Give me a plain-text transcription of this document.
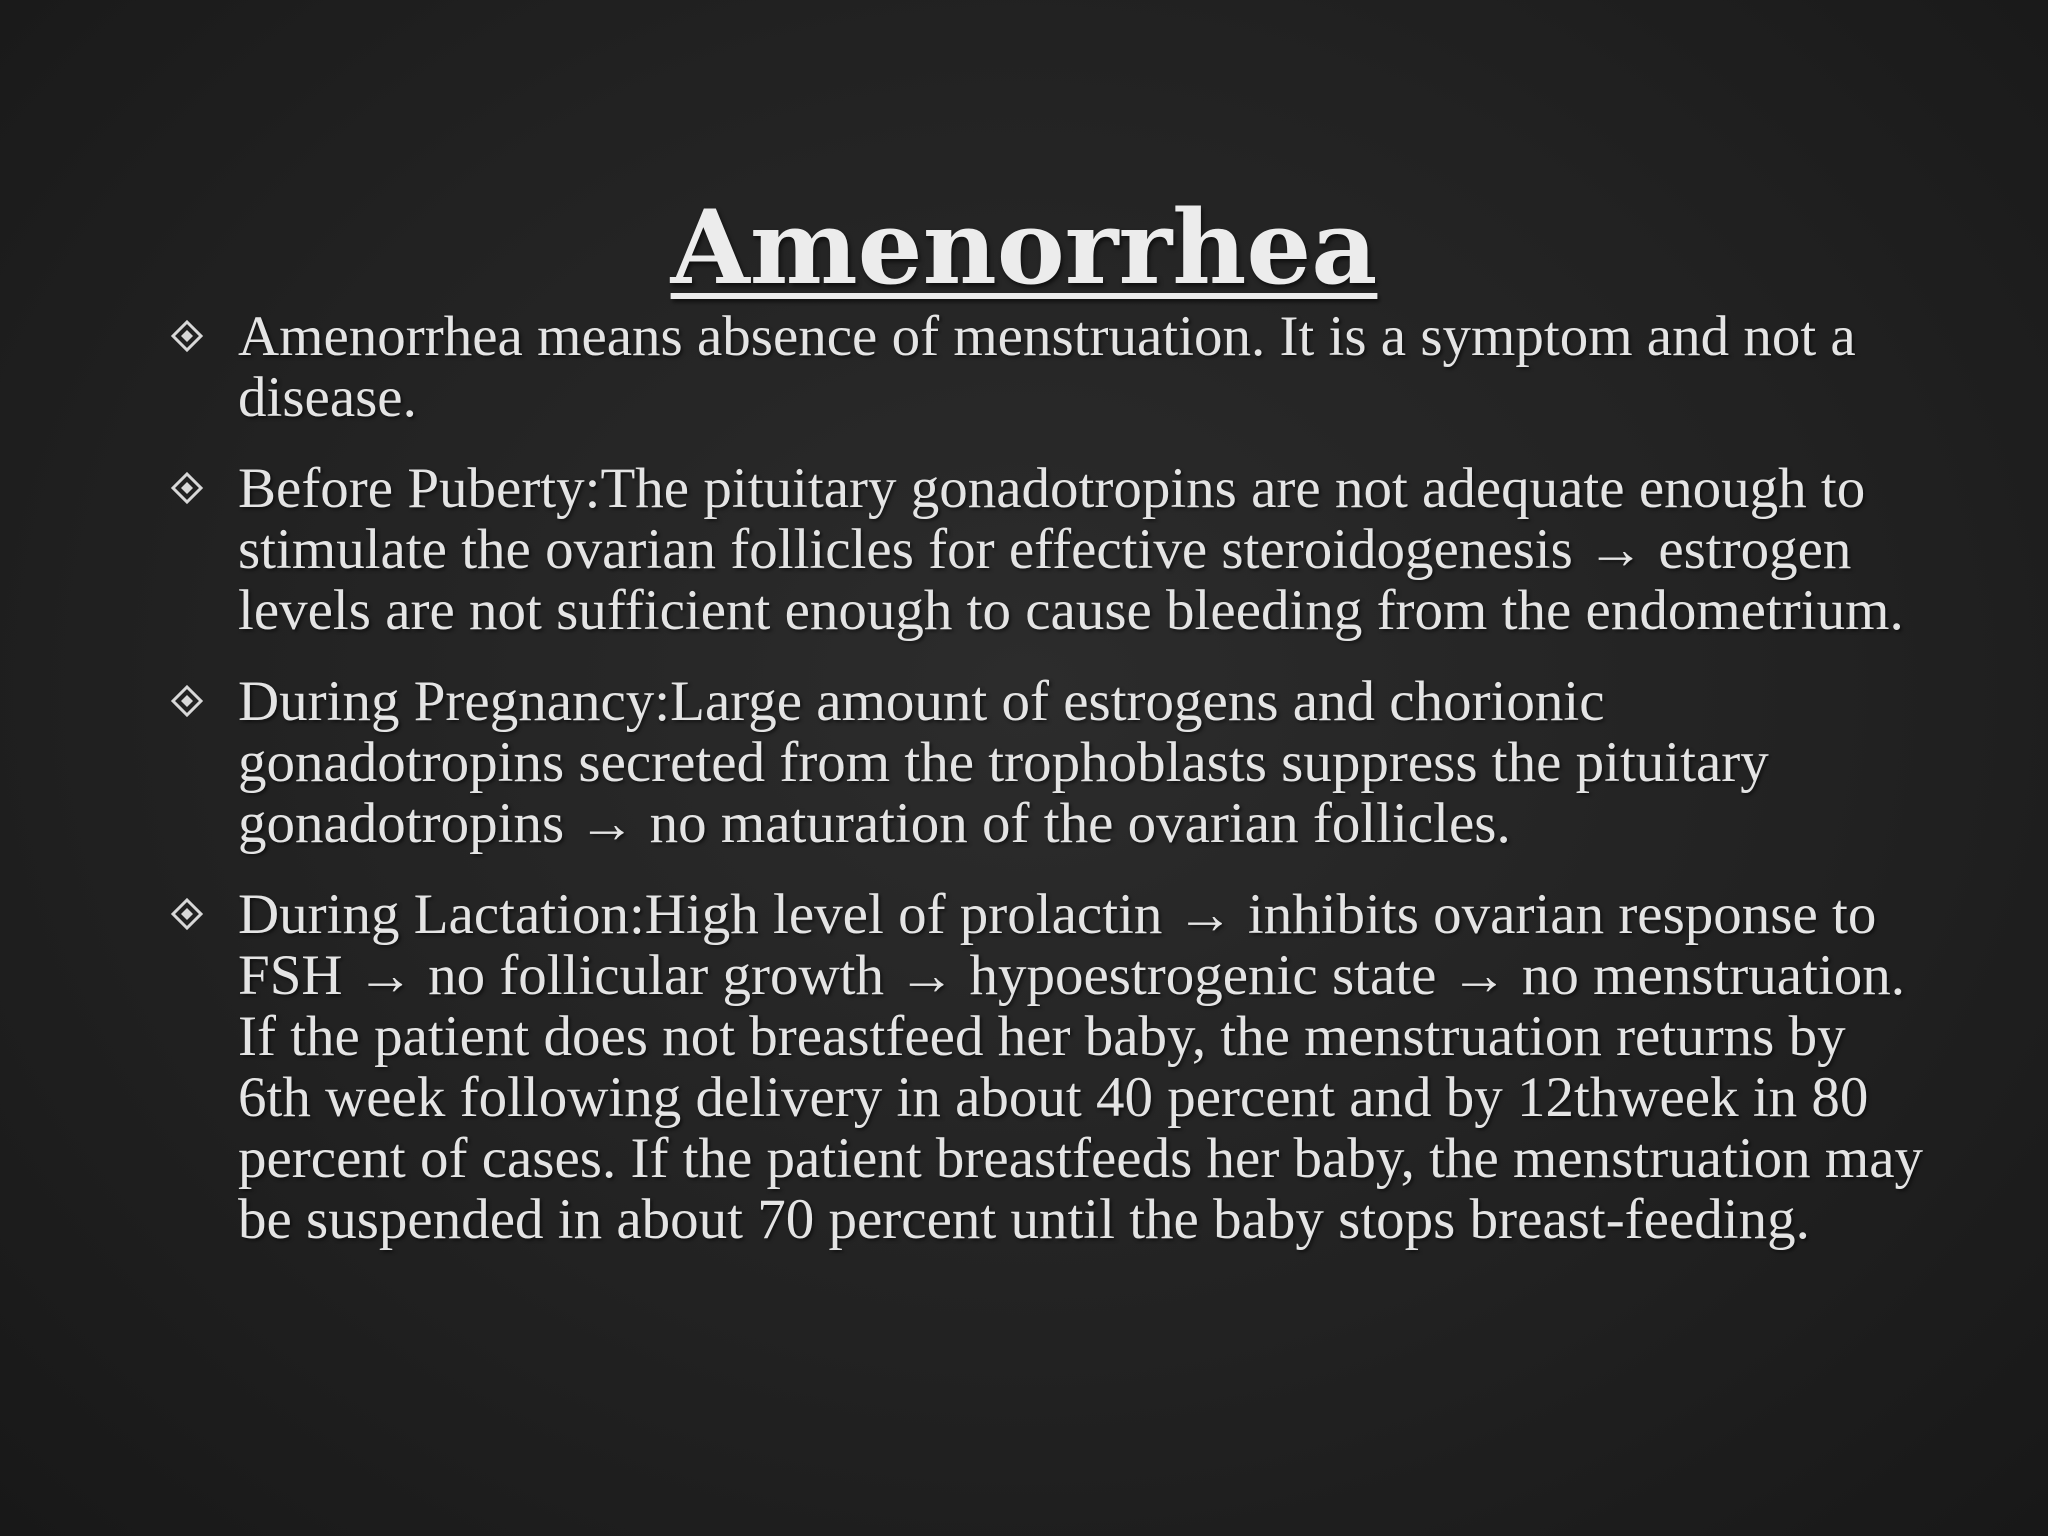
Amenorrhea
Amenorrhea means absence of menstruation. It is a symptom and not a disease.
Before Puberty:The pituitary gonadotropins are not adequate enough to stimulate the ovarian follicles for effective steroidogenesis → estrogen levels are not sufficient enough to cause bleeding from the endometrium.
During Pregnancy:Large amount of estrogens and chorionic gonadotropins secreted from the trophoblasts suppress the pituitary gonadotropins → no maturation of the ovarian follicles.
During Lactation:High level of prolactin → inhibits ovarian response to FSH → no follicular growth → hypoestrogenic state → no menstruation. If the patient does not breastfeed her baby, the menstruation returns by 6th week following delivery in about 40 percent and by 12thweek in 80 percent of cases. If the patient breastfeeds her baby, the menstruation may be suspended in about 70 percent until the baby stops breast-feeding.
